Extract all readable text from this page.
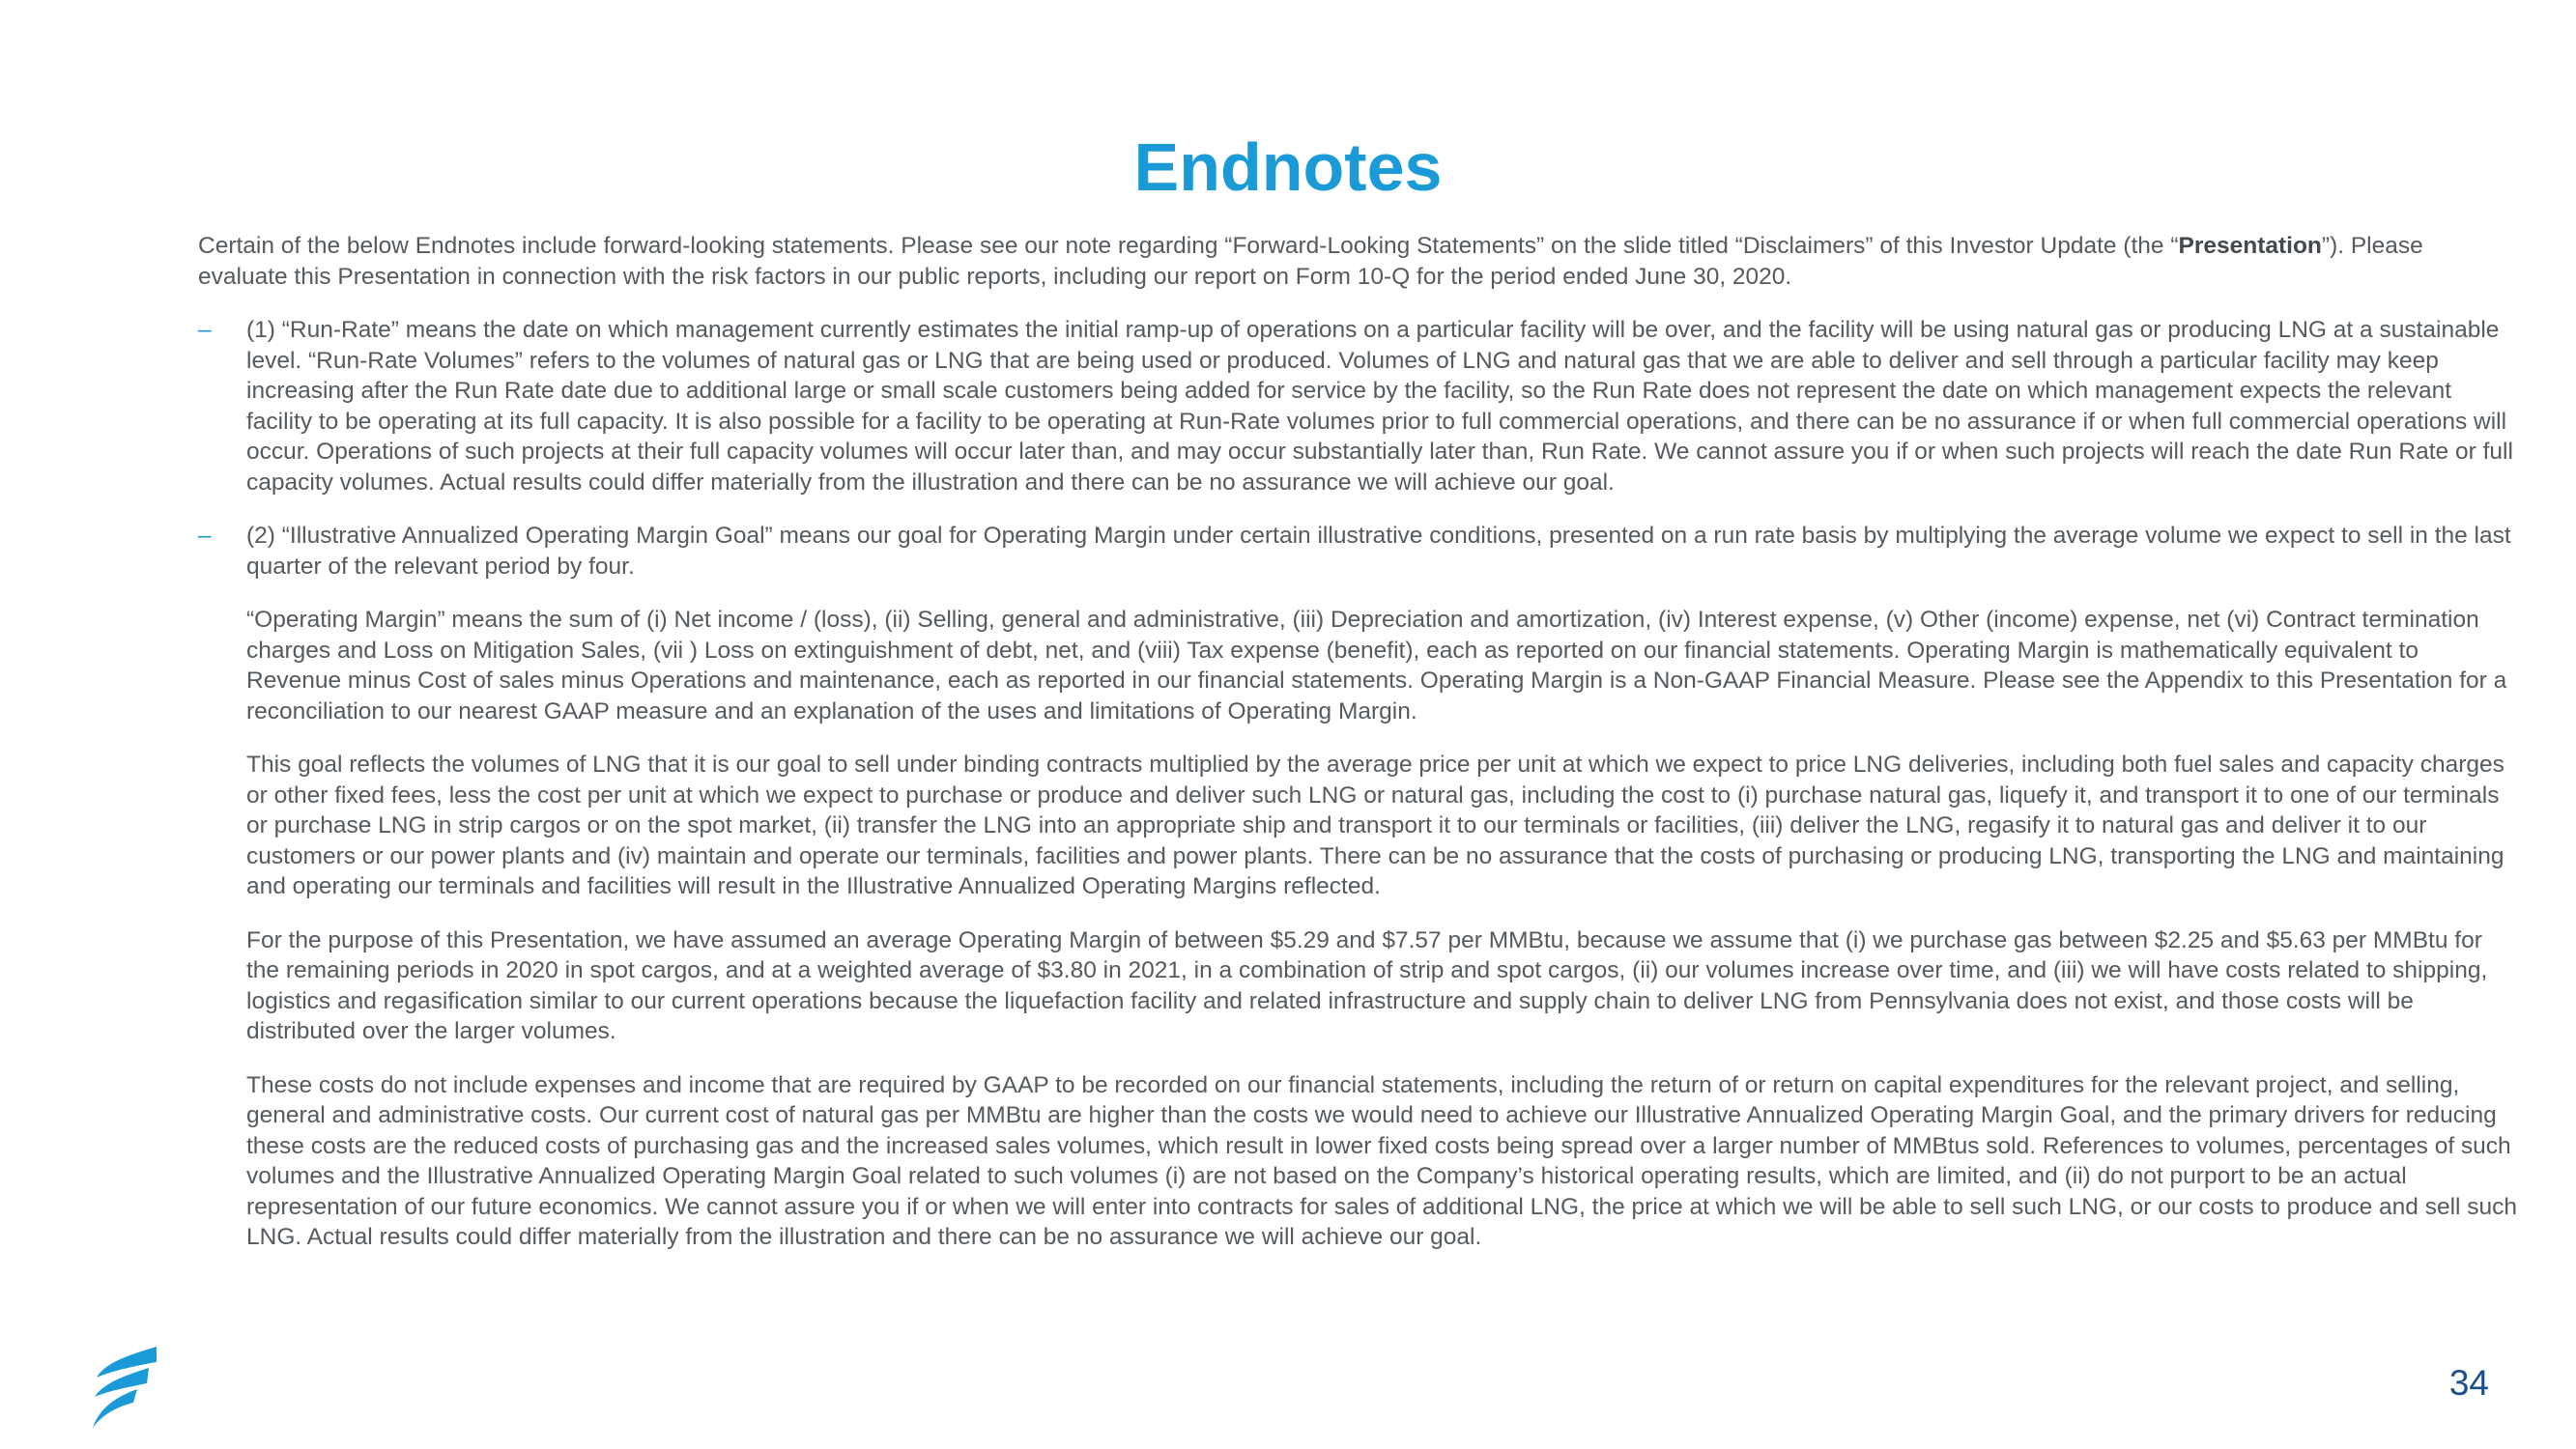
Endnotes

Certain of the below Endnotes include forward-looking statements. Please see our note regarding “Forward-Looking Statements” on the slide titled “Disclaimers” of this Investor Update (the “Presentation”). Please evaluate this Presentation in connection with the risk factors in our public reports, including our report on Form 10-Q for the period ended June 30, 2020.

– (1) “Run-Rate” means the date on which management currently estimates the initial ramp-up of operations on a particular facility will be over, and the facility will be using natural gas or producing LNG at a sustainable level. “Run-Rate Volumes” refers to the volumes of natural gas or LNG that are being used or produced. Volumes of LNG and natural gas that we are able to deliver and sell through a particular facility may keep increasing after the Run Rate date due to additional large or small scale customers being added for service by the facility, so the Run Rate does not represent the date on which management expects the relevant facility to be operating at its full capacity. It is also possible for a facility to be operating at Run-Rate volumes prior to full commercial operations, and there can be no assurance if or when full commercial operations will occur. Operations of such projects at their full capacity volumes will occur later than, and may occur substantially later than, Run Rate. We cannot assure you if or when such projects will reach the date Run Rate or full capacity volumes. Actual results could differ materially from the illustration and there can be no assurance we will achieve our goal.
– (2) “Illustrative Annualized Operating Margin Goal” means our goal for Operating Margin under certain illustrative conditions, presented on a run rate basis by multiplying the average volume we expect to sell in the last quarter of the relevant period by four.

“Operating Margin” means the sum of (i) Net income / (loss), (ii) Selling, general and administrative, (iii) Depreciation and amortization, (iv) Interest expense, (v) Other (income) expense, net (vi) Contract termination charges and Loss on Mitigation Sales, (vii ) Loss on extinguishment of debt, net, and (viii) Tax expense (benefit), each as reported on our financial statements. Operating Margin is mathematically equivalent to Revenue minus Cost of sales minus Operations and maintenance, each as reported in our financial statements. Operating Margin is a Non-GAAP Financial Measure. Please see the Appendix to this Presentation for a reconciliation to our nearest GAAP measure and an explanation of the uses and limitations of Operating Margin.

This goal reflects the volumes of LNG that it is our goal to sell under binding contracts multiplied by the average price per unit at which we expect to price LNG deliveries, including both fuel sales and capacity charges or other fixed fees, less the cost per unit at which we expect to purchase or produce and deliver such LNG or natural gas, including the cost to (i) purchase natural gas, liquefy it, and transport it to one of our terminals or purchase LNG in strip cargos or on the spot market, (ii) transfer the LNG into an appropriate ship and transport it to our terminals or facilities, (iii) deliver the LNG, regasify it to natural gas and deliver it to our customers or our power plants and (iv) maintain and operate our terminals, facilities and power plants. There can be no assurance that the costs of purchasing or producing LNG, transporting the LNG and maintaining and operating our terminals and facilities will result in the Illustrative Annualized Operating Margins reflected.

For the purpose of this Presentation, we have assumed an average Operating Margin of between $5.29 and $7.57 per MMBtu, because we assume that (i) we purchase gas between $2.25 and $5.63 per MMBtu for the remaining periods in 2020 in spot cargos, and at a weighted average of $3.80 in 2021, in a combination of strip and spot cargos, (ii) our volumes increase over time, and (iii) we will have costs related to shipping, logistics and regasification similar to our current operations because the liquefaction facility and related infrastructure and supply chain to deliver LNG from Pennsylvania does not exist, and those costs will be distributed over the larger volumes.

These costs do not include expenses and income that are required by GAAP to be recorded on our financial statements, including the return of or return on capital expenditures for the relevant project, and selling, general and administrative costs. Our current cost of natural gas per MMBtu are higher than the costs we would need to achieve our Illustrative Annualized Operating Margin Goal, and the primary drivers for reducing these costs are the reduced costs of purchasing gas and the increased sales volumes, which result in lower fixed costs being spread over a larger number of MMBtus sold. References to volumes, percentages of such volumes and the Illustrative Annualized Operating Margin Goal related to such volumes (i) are not based on the Company’s historical operating results, which are limited, and (ii) do not purport to be an actual representation of our future economics. We cannot assure you if or when we will enter into contracts for sales of additional LNG, the price at which we will be able to sell such LNG, or our costs to produce and sell such LNG. Actual results could differ materially from the illustration and there can be no assurance we will achieve our goal.

34
